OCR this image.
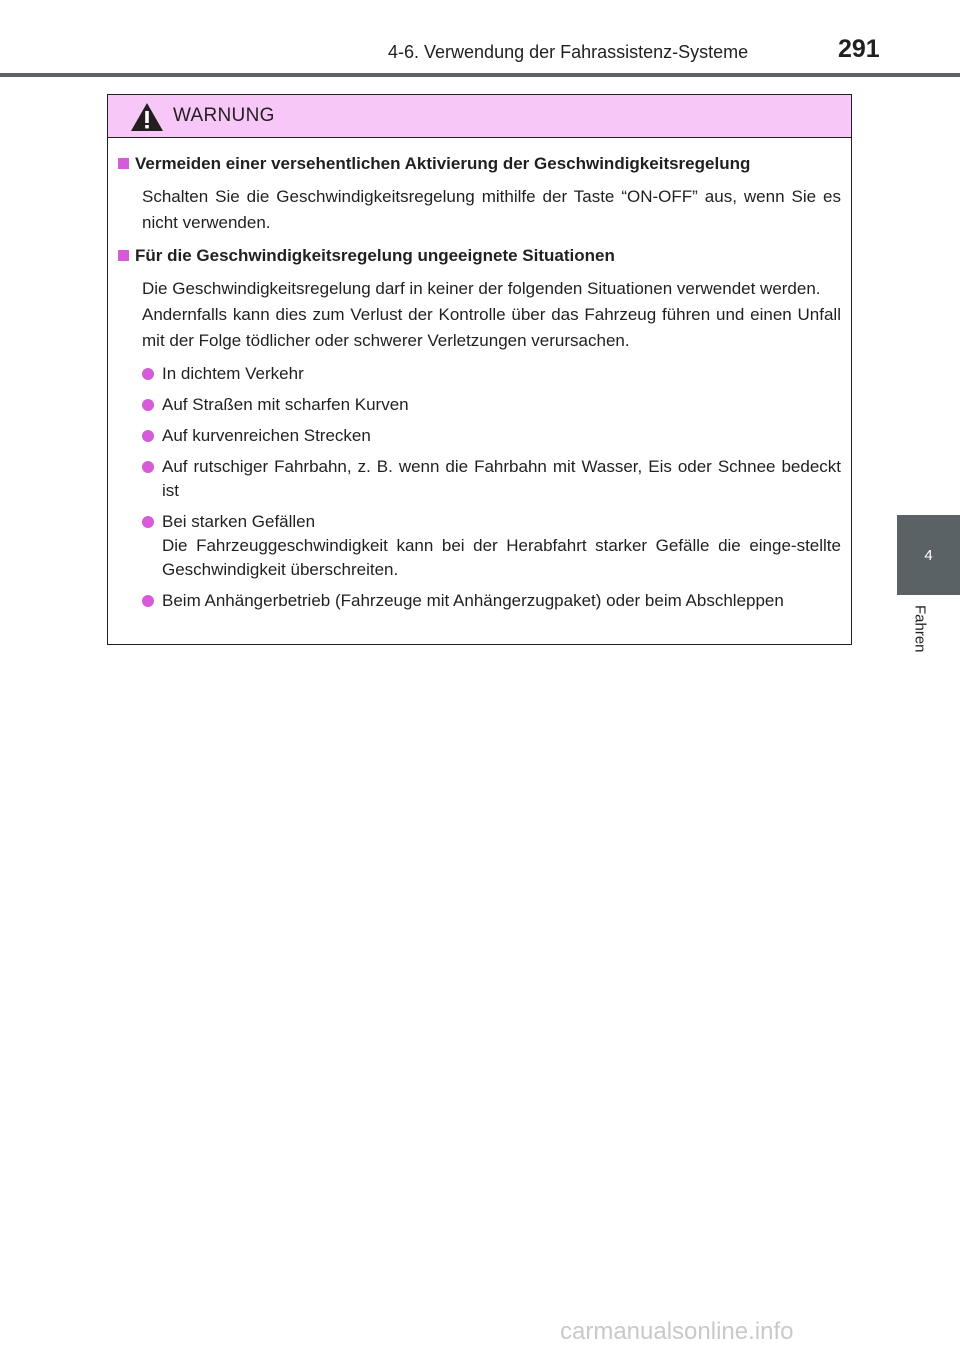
4-6. Verwendung der Fahrassistenz-Systeme	291
4
Fahren
WARNUNG
Vermeiden einer versehentlichen Aktivierung der Geschwindigkeitsregelung
Schalten Sie die Geschwindigkeitsregelung mithilfe der Taste “ON-OFF” aus, wenn Sie es nicht verwenden.
Für die Geschwindigkeitsregelung ungeeignete Situationen
Die Geschwindigkeitsregelung darf in keiner der folgenden Situationen verwendet werden.
Andernfalls kann dies zum Verlust der Kontrolle über das Fahrzeug führen und einen Unfall mit der Folge tödlicher oder schwerer Verletzungen verursachen.
In dichtem Verkehr
Auf Straßen mit scharfen Kurven
Auf kurvenreichen Strecken
Auf rutschiger Fahrbahn, z. B. wenn die Fahrbahn mit Wasser, Eis oder Schnee bedeckt ist
Bei starken Gefällen
Die Fahrzeuggeschwindigkeit kann bei der Herabfahrt starker Gefälle die einge-stellte Geschwindigkeit überschreiten.
Beim Anhängerbetrieb (Fahrzeuge mit Anhängerzugpaket) oder beim Abschleppen
carmanualsonline.info
